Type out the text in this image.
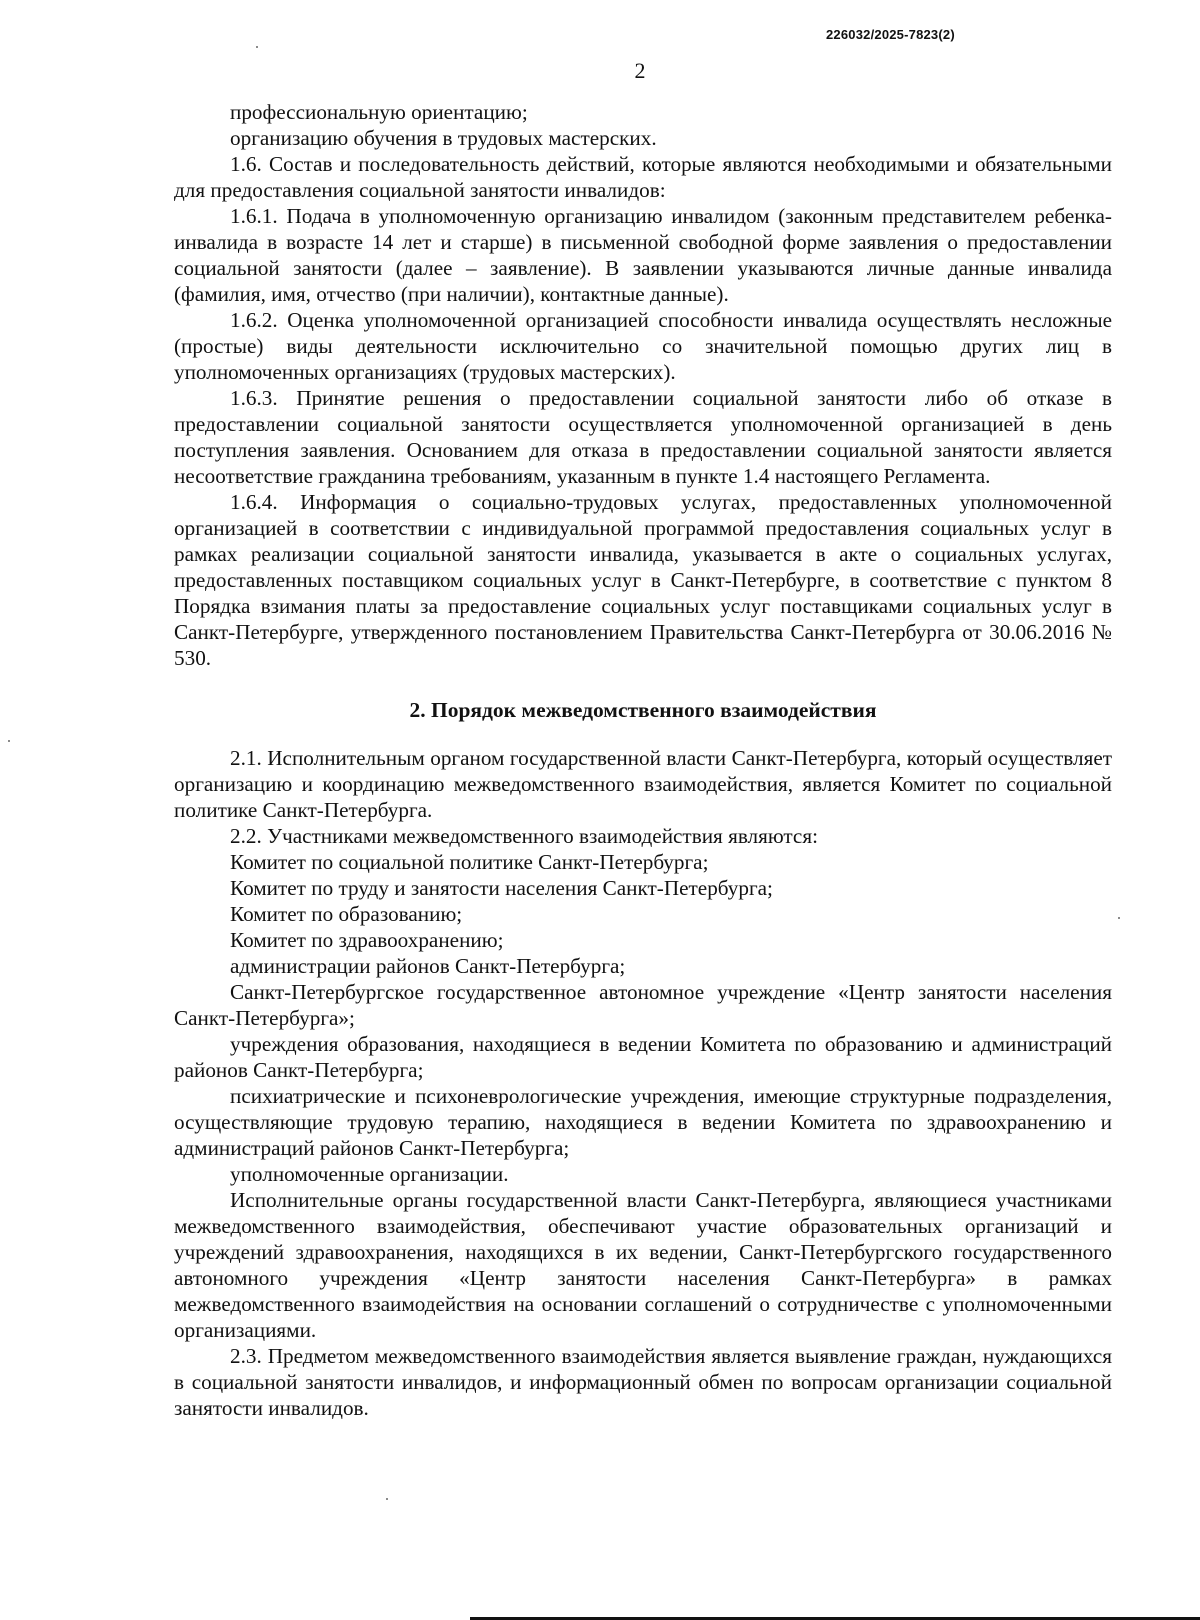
226032/2025-7823(2)
2

профессиональную ориентацию;

организацию обучения в трудовых мастерских.

1.6. Состав и последовательность действий, которые являются необходимыми и обязательными для предоставления социальной занятости инвалидов:

1.6.1. Подача в уполномоченную организацию инвалидом (законным представителем ребенка-инвалида в возрасте 14 лет и старше) в письменной свободной форме заявления о предоставлении социальной занятости (далее – заявление). В заявлении указываются личные данные инвалида (фамилия, имя, отчество (при наличии), контактные данные).

1.6.2. Оценка уполномоченной организацией способности инвалида осуществлять несложные (простые) виды деятельности исключительно со значительной помощью других лиц в уполномоченных организациях (трудовых мастерских).

1.6.3. Принятие решения о предоставлении социальной занятости либо об отказе в предоставлении социальной занятости осуществляется уполномоченной организацией в день поступления заявления. Основанием для отказа в предоставлении социальной занятости является несоответствие гражданина требованиям, указанным в пункте 1.4 настоящего Регламента.

1.6.4. Информация о социально-трудовых услугах, предоставленных уполномоченной организацией в соответствии с индивидуальной программой предоставления социальных услуг в рамках реализации социальной занятости инвалида, указывается в акте о социальных услугах, предоставленных поставщиком социальных услуг в Санкт-Петербурге, в соответствие с пунктом 8 Порядка взимания платы за предоставление социальных услуг поставщиками социальных услуг в Санкт-Петербурге, утвержденного постановлением Правительства Санкт-Петербурга от 30.06.2016 № 530.

2. Порядок межведомственного взаимодействия

2.1. Исполнительным органом государственной власти Санкт-Петербурга, который осуществляет организацию и координацию межведомственного взаимодействия, является Комитет по социальной политике Санкт-Петербурга.

2.2. Участниками межведомственного взаимодействия являются:

Комитет по социальной политике Санкт-Петербурга;

Комитет по труду и занятости населения Санкт-Петербурга;

Комитет по образованию;

Комитет по здравоохранению;

администрации районов Санкт-Петербурга;

Санкт-Петербургское государственное автономное учреждение «Центр занятости населения Санкт-Петербурга»;

учреждения образования, находящиеся в ведении Комитета по образованию и администраций районов Санкт-Петербурга;

психиатрические и психоневрологические учреждения, имеющие структурные подразделения, осуществляющие трудовую терапию, находящиеся в ведении Комитета по здравоохранению и администраций районов Санкт-Петербурга;

уполномоченные организации.

Исполнительные органы государственной власти Санкт-Петербурга, являющиеся участниками межведомственного взаимодействия, обеспечивают участие образовательных организаций и учреждений здравоохранения, находящихся в их ведении, Санкт-Петербургского государственного автономного учреждения «Центр занятости населения Санкт-Петербурга» в рамках межведомственного взаимодействия на основании соглашений о сотрудничестве с уполномоченными организациями.

2.3. Предметом межведомственного взаимодействия является выявление граждан, нуждающихся в социальной занятости инвалидов, и информационный обмен по вопросам организации социальной занятости инвалидов.
